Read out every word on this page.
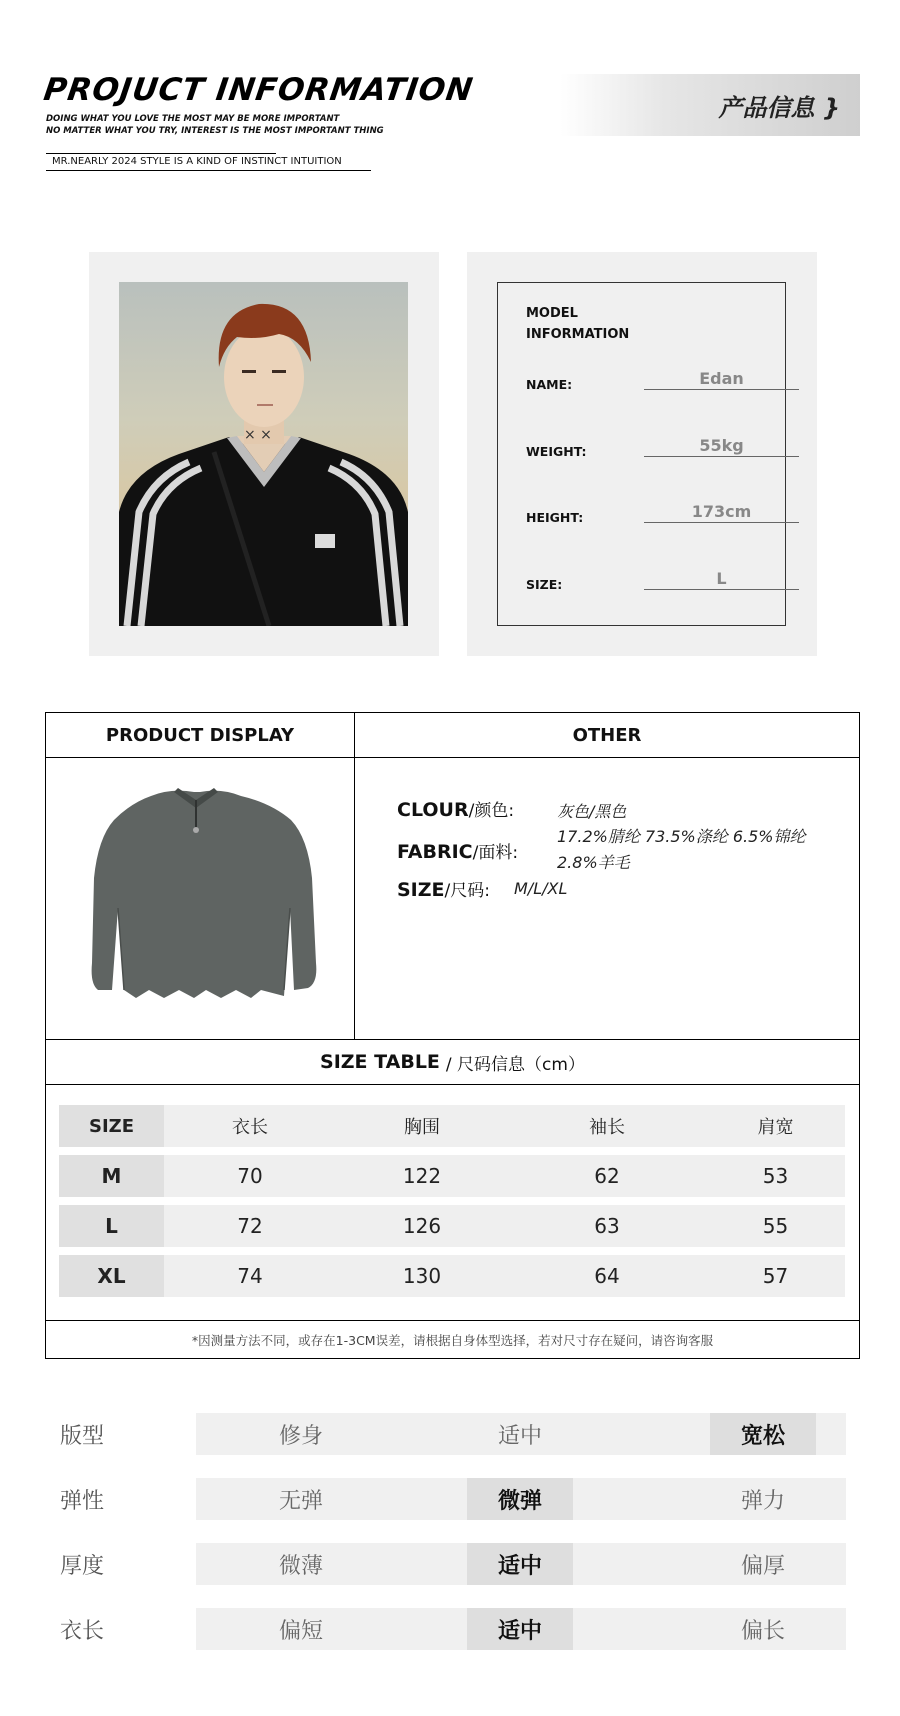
PROJUCT INFORMATION
DOING WHAT YOU LOVE THE MOST MAY BE MORE IMPORTANT
NO MATTER WHAT YOU TRY, INTEREST IS THE MOST IMPORTANT THING
MR.NEARLY 2024 STYLE IS A KIND OF INSTINCT INTUITION
产品信息 }
× ×
MODEL
INFORMATION
NAME:	Edan
WEIGHT:	55kg
HEIGHT:	173cm
SIZE:	L
PRODUCT DISPLAY	OTHER
CLOUR/颜色:	灰色/黑色
FABRIC/面料:
17.2%腈纶 73.5%涤纶 6.5%锦纶
2.8%羊毛
SIZE/尺码: M/L/XL
SIZE TABLE / 尺码信息（cm）
SIZE	衣长	胸围	袖长	肩宽
M	70	122	62	53
L	72	126	63	55
XL	74	130	64	57
*因测量方法不同，或存在1-3CM误差，请根据自身体型选择，若对尺寸存在疑问，请咨询客服
版型	修身	适中	宽松
弹性	无弹	微弹	弹力
厚度	微薄	适中	偏厚
衣长	偏短	适中	偏长
